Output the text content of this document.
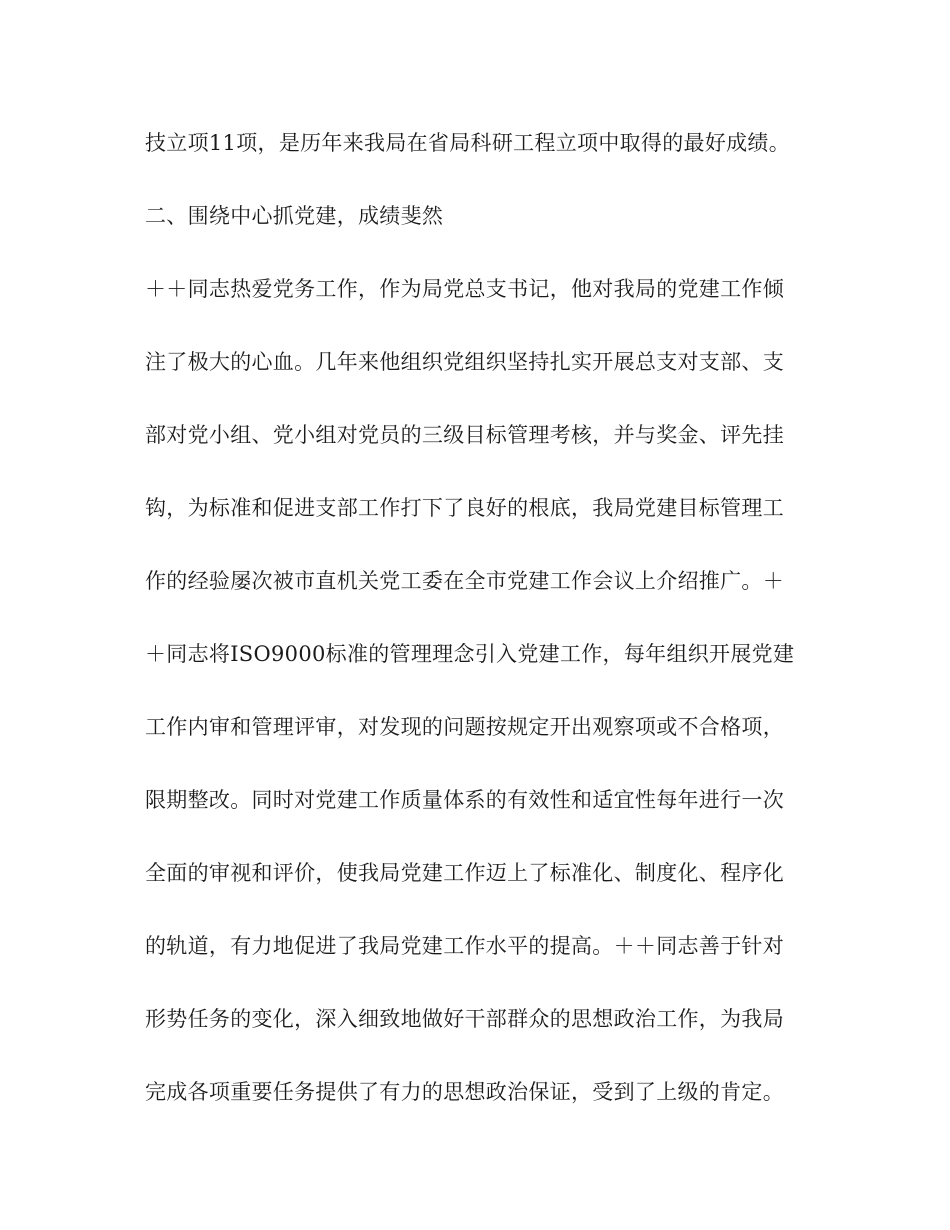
技立项11项，是历年来我局在省局科研工程立项中取得的最好成绩。
二、围绕中心抓党建，成绩斐然
＋＋同志热爱党务工作，作为局党总支书记，他对我局的党建工作倾
注了极大的心血。几年来他组织党组织坚持扎实开展总支对支部、支
部对党小组、党小组对党员的三级目标管理考核，并与奖金、评先挂
钩，为标准和促进支部工作打下了良好的根底，我局党建目标管理工
作的经验屡次被市直机关党工委在全市党建工作会议上介绍推广。＋
＋同志将ISO9000标准的管理理念引入党建工作，每年组织开展党建
工作内审和管理评审，对发现的问题按规定开出观察项或不合格项，
限期整改。同时对党建工作质量体系的有效性和适宜性每年进行一次
全面的审视和评价，使我局党建工作迈上了标准化、制度化、程序化
的轨道，有力地促进了我局党建工作水平的提高。＋＋同志善于针对
形势任务的变化，深入细致地做好干部群众的思想政治工作，为我局
完成各项重要任务提供了有力的思想政治保证，受到了上级的肯定。
